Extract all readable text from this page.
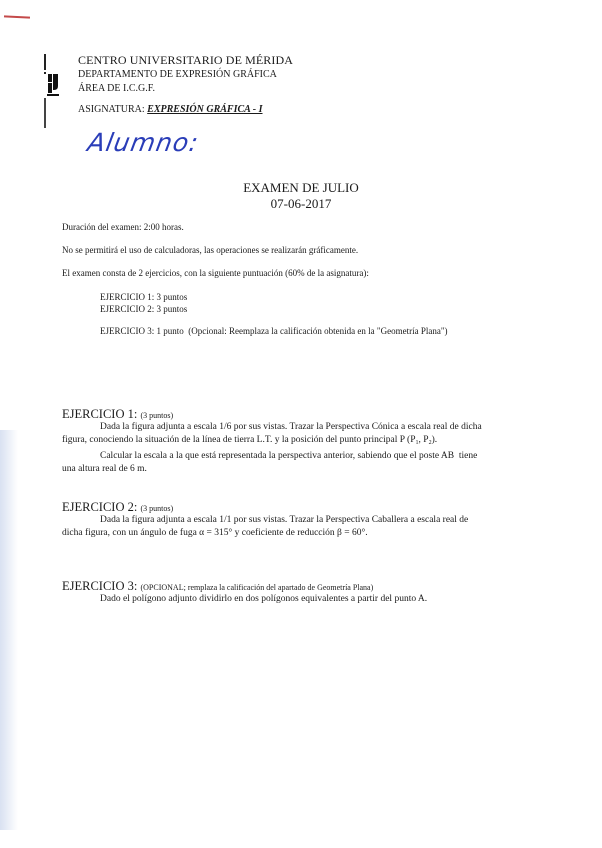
CENTRO UNIVERSITARIO DE MÉRIDA
DEPARTAMENTO DE EXPRESIÓN GRÁFICA
ÁREA DE I.C.G.F.
ASIGNATURA: EXPRESIÓN GRÁFICA - I
Alumno:
EXAMEN DE JULIO
07-06-2017
Duración del examen: 2:00 horas.
No se permitirá el uso de calculadoras, las operaciones se realizarán gráficamente.
El examen consta de 2 ejercicios, con la siguiente puntuación (60% de la asignatura):
EJERCICIO 1: 3 puntos
EJERCICIO 2: 3 puntos
EJERCICIO 3: 1 punto  (Opcional: Reemplaza la calificación obtenida en la "Geometría Plana")
EJERCICIO 1: (3 puntos)
Dada la figura adjunta a escala 1/6 por sus vistas. Trazar la Perspectiva Cónica a escala real de dicha
figura, conociendo la situación de la línea de tierra L.T. y la posición del punto principal P ($P_1$, $P_2$).
Calcular la escala a la que está representada la perspectiva anterior, sabiendo que el poste AB  tiene
una altura real de 6 m.
EJERCICIO 2: (3 puntos)
Dada la figura adjunta a escala 1/1 por sus vistas. Trazar la Perspectiva Caballera a escala real de
dicha figura, con un ángulo de fuga α = 315° y coeficiente de reducción β = 60°.
EJERCICIO 3: (OPCIONAL; remplaza la calificación del apartado de Geometría Plana)
Dado el polígono adjunto dividirlo en dos polígonos equivalentes a partir del punto A.
